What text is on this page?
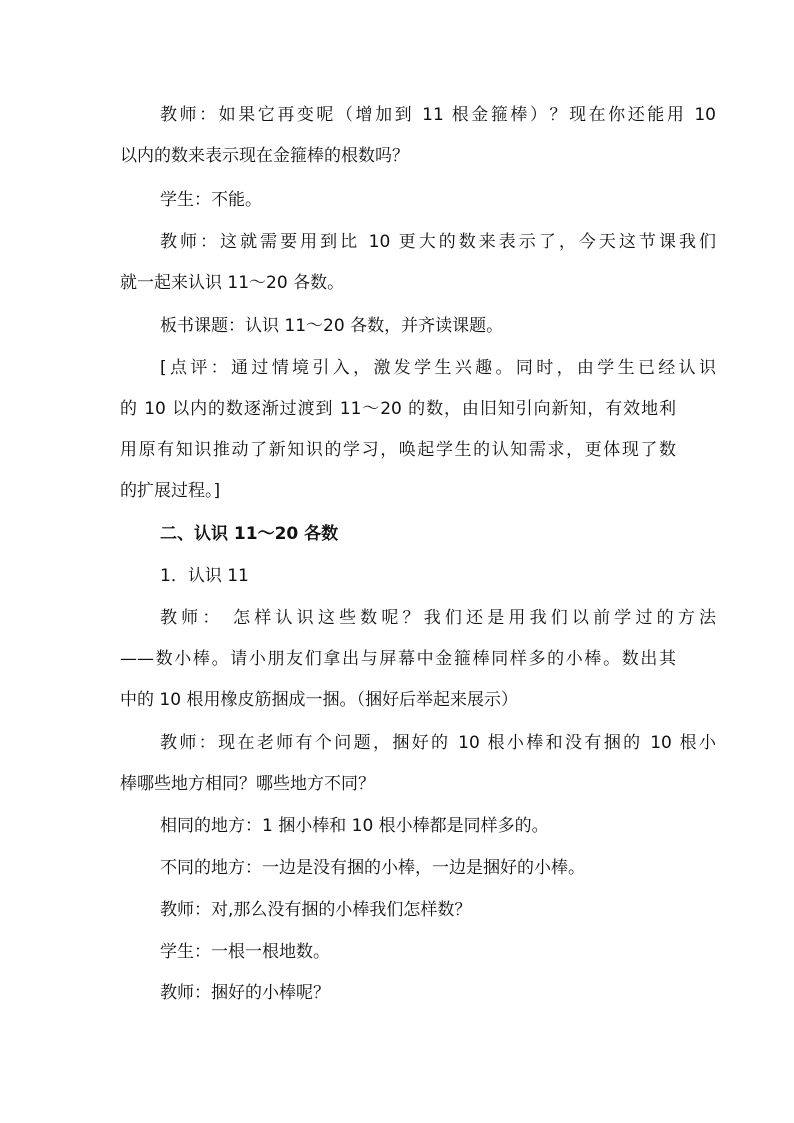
教师：如果它再变呢（增加到 11 根金箍棒）？现在你还能用 10
以内的数来表示现在金箍棒的根数吗？
学生：不能。
教师：这就需要用到比 10 更大的数来表示了，今天这节课我们
就一起来认识 11～20 各数。
板书课题：认识 11～20 各数，并齐读课题。
[点评：通过情境引入，激发学生兴趣。同时，由学生已经认识
的 10 以内的数逐渐过渡到 11～20 的数，由旧知引向新知，有效地利
用原有知识推动了新知识的学习，唤起学生的认知需求，更体现了数
的扩展过程。]
二、认识 11～20 各数
1．认识 11
教师： 怎样认识这些数呢？我们还是用我们以前学过的方法
——数小棒。请小朋友们拿出与屏幕中金箍棒同样多的小棒。数出其
中的 10 根用橡皮筋捆成一捆。（捆好后举起来展示）
教师：现在老师有个问题，捆好的 10 根小棒和没有捆的 10 根小
棒哪些地方相同？哪些地方不同？
相同的地方：1 捆小棒和 10 根小棒都是同样多的。
不同的地方：一边是没有捆的小棒，一边是捆好的小棒。
教师：对,那么没有捆的小棒我们怎样数？
学生：一根一根地数。
教师：捆好的小棒呢？
